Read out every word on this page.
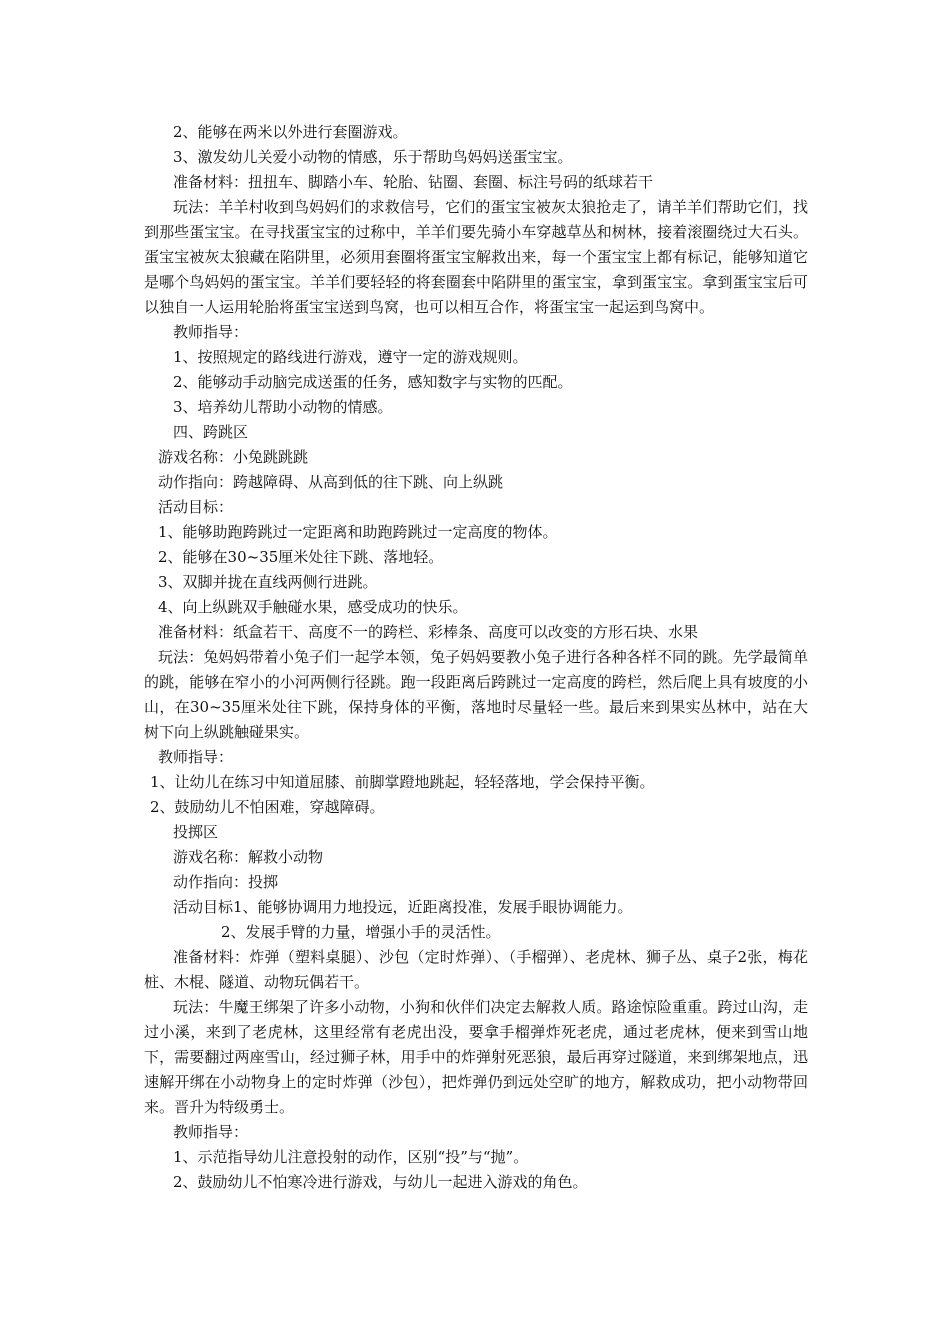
2、能够在两米以外进行套圈游戏。

3、激发幼儿关爱小动物的情感，乐于帮助鸟妈妈送蛋宝宝。

准备材料：扭扭车、脚踏小车、轮胎、钻圈、套圈、标注号码的纸球若干

玩法：羊羊村收到鸟妈妈们的求救信号，它们的蛋宝宝被灰太狼抢走了，请羊羊们帮助它们，找到那些蛋宝宝。在寻找蛋宝宝的过称中，羊羊们要先骑小车穿越草丛和树林，接着滚圈绕过大石头。蛋宝宝被灰太狼藏在陷阱里，必须用套圈将蛋宝宝解救出来，每一个蛋宝宝上都有标记，能够知道它是哪个鸟妈妈的蛋宝宝。羊羊们要轻轻的将套圈套中陷阱里的蛋宝宝，拿到蛋宝宝。拿到蛋宝宝后可以独自一人运用轮胎将蛋宝宝送到鸟窝，也可以相互合作，将蛋宝宝一起运到鸟窝中。

教师指导：

1、按照规定的路线进行游戏，遵守一定的游戏规则。

2、能够动手动脑完成送蛋的任务，感知数字与实物的匹配。

3、培养幼儿帮助小动物的情感。

四、跨跳区

游戏名称：小兔跳跳跳

动作指向：跨越障碍、从高到低的往下跳、向上纵跳

活动目标：

1、能够助跑跨跳过一定距离和助跑跨跳过一定高度的物体。

2、能够在30~35厘米处往下跳、落地轻。

3、双脚并拢在直线两侧行进跳。

4、向上纵跳双手触碰水果，感受成功的快乐。

准备材料：纸盒若干、高度不一的跨栏、彩棒条、高度可以改变的方形石块、水果

玩法：兔妈妈带着小兔子们一起学本领，兔子妈妈要教小兔子进行各种各样不同的跳。先学最简单的跳，能够在窄小的小河两侧行径跳。跑一段距离后跨跳过一定高度的跨栏，然后爬上具有坡度的小山，在30~35厘米处往下跳，保持身体的平衡，落地时尽量轻一些。最后来到果实丛林中，站在大树下向上纵跳触碰果实。

教师指导：

1、让幼儿在练习中知道屈膝、前脚掌蹬地跳起，轻轻落地，学会保持平衡。

2、鼓励幼儿不怕困难，穿越障碍。

投掷区

游戏名称：解救小动物

动作指向：投掷

活动目标1、能够协调用力地投远，近距离投准，发展手眼协调能力。

2、发展手臂的力量，增强小手的灵活性。

准备材料：炸弹（塑料桌腿）、沙包（定时炸弹）、（手榴弹）、老虎林、狮子丛、桌子2张，梅花桩、木棍、隧道、动物玩偶若干。

玩法：牛魔王绑架了许多小动物，小狗和伙伴们决定去解救人质。路途惊险重重。跨过山沟，走过小溪，来到了老虎林，这里经常有老虎出没，要拿手榴弹炸死老虎，通过老虎林，便来到雪山地下，需要翻过两座雪山，经过狮子林，用手中的炸弹射死恶狼，最后再穿过隧道，来到绑架地点，迅速解开绑在小动物身上的定时炸弹（沙包），把炸弹仍到远处空旷的地方，解救成功，把小动物带回来。晋升为特级勇士。

教师指导：

1、示范指导幼儿注意投射的动作，区别“投”与“抛”。

2、鼓励幼儿不怕寒冷进行游戏，与幼儿一起进入游戏的角色。
